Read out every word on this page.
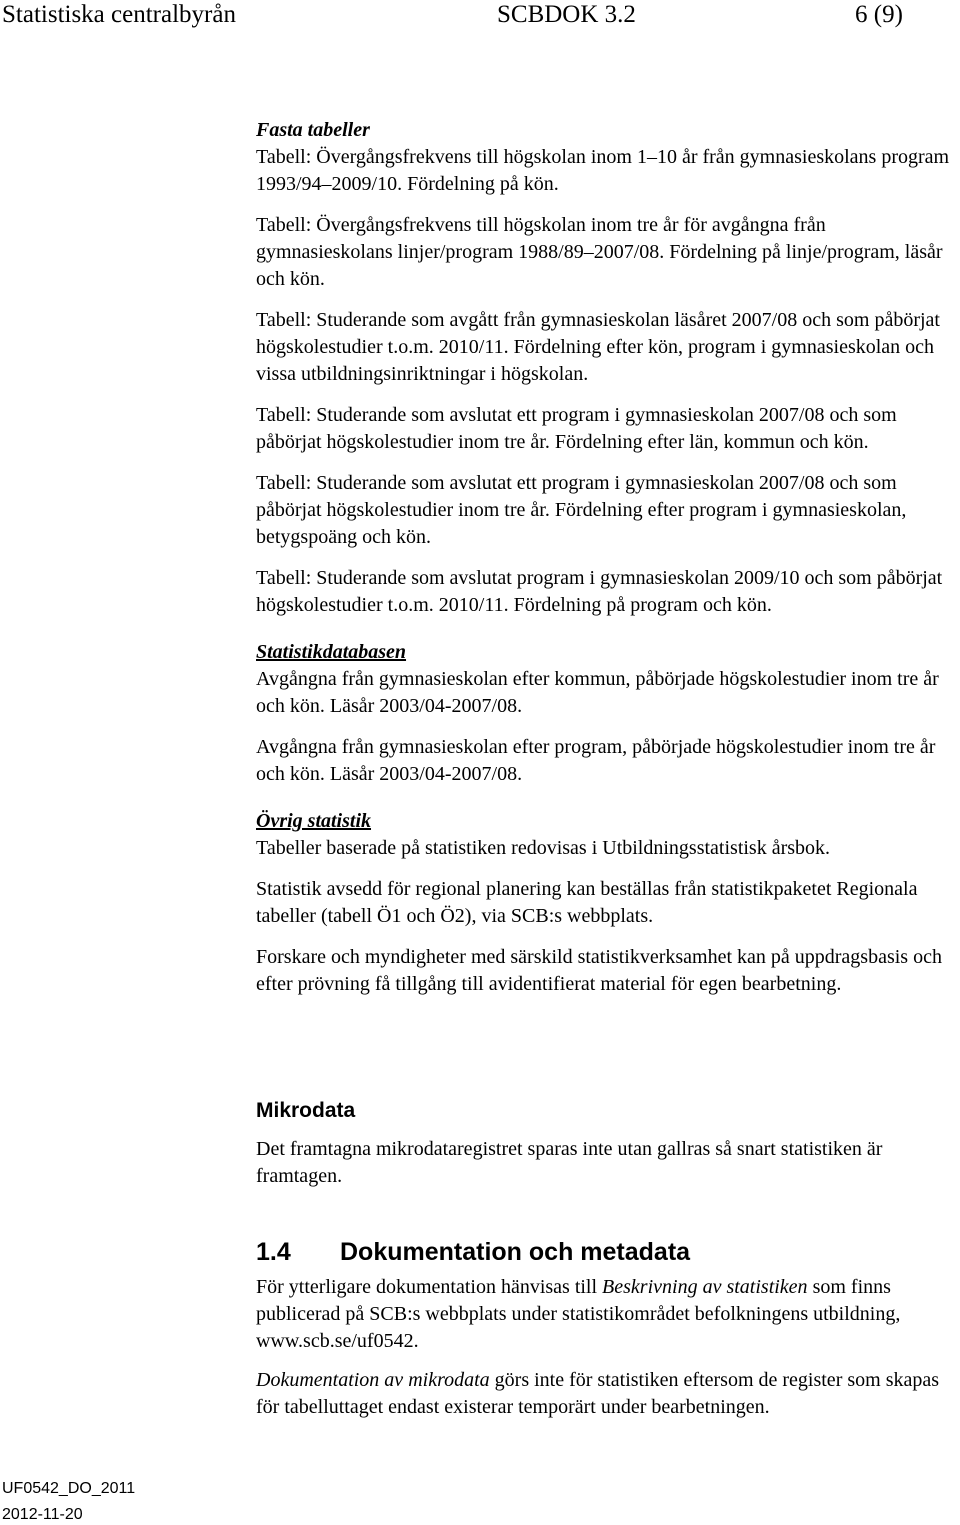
Statistiska centralbyrån	SCBDOK 3.2	6 (9)

Fasta tabeller

Tabell: Övergångsfrekvens till högskolan inom 1–10 år från gymnasieskolans program 1993/94–2009/10. Fördelning på kön.

Tabell: Övergångsfrekvens till högskolan inom tre år för avgångna från gymnasieskolans linjer/program 1988/89–2007/08. Fördelning på linje/program, läsår och kön.

Tabell: Studerande som avgått från gymnasieskolan läsåret 2007/08 och som påbörjat högskolestudier t.o.m. 2010/11. Fördelning efter kön, program i gymnasieskolan och vissa utbildningsinriktningar i högskolan.

Tabell: Studerande som avslutat ett program i gymnasieskolan 2007/08 och som påbörjat högskolestudier inom tre år. Fördelning efter län, kommun och kön.

Tabell: Studerande som avslutat ett program i gymnasieskolan 2007/08 och som påbörjat högskolestudier inom tre år. Fördelning efter program i gymnasieskolan, betygspoäng och kön.

Tabell: Studerande som avslutat program i gymnasieskolan 2009/10 och som påbörjat högskolestudier t.o.m. 2010/11. Fördelning på program och kön.

Statistikdatabasen

Avgångna från gymnasieskolan efter kommun, påbörjade högskolestudier inom tre år och kön. Läsår 2003/04-2007/08.

Avgångna från gymnasieskolan efter program, påbörjade högskolestudier inom tre år och kön. Läsår 2003/04-2007/08.

Övrig statistik

Tabeller baserade på statistiken redovisas i Utbildningsstatistisk årsbok.

Statistik avsedd för regional planering kan beställas från statistikpaketet Regionala tabeller (tabell Ö1 och Ö2), via SCB:s webbplats.

Forskare och myndigheter med särskild statistikverksamhet kan på uppdragsbasis och efter prövning få tillgång till avidentifierat material för egen bearbetning.

Mikrodata
Det framtagna mikrodataregistret sparas inte utan gallras så snart statistiken är framtagen.
1.4 Dokumentation och metadata

För ytterligare dokumentation hänvisas till Beskrivning av statistiken som finns publicerad på SCB:s webbplats under statistikområdet befolkningens utbildning, www.scb.se/uf0542.

Dokumentation av mikrodata görs inte för statistiken eftersom de register som skapas för tabelluttaget endast existerar temporärt under bearbetningen.

UF0542_DO_2011
2012-11-20
